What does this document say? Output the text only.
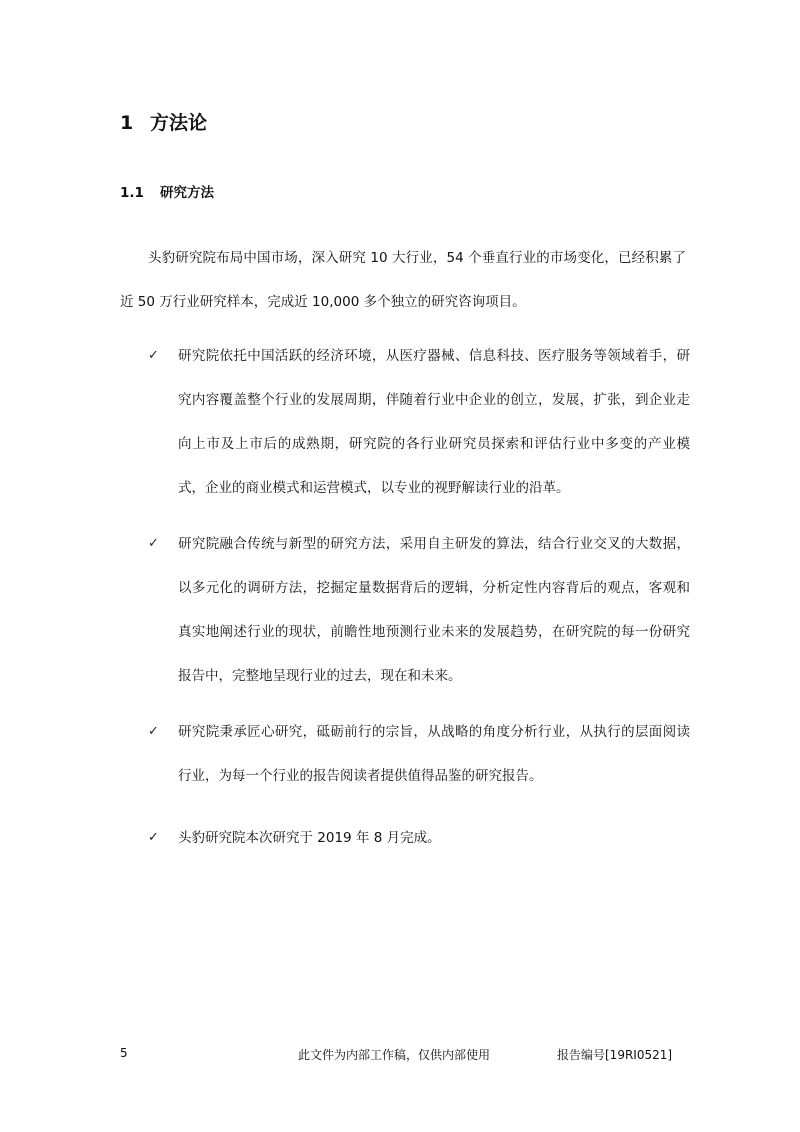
1 方法论
1.1 研究方法

头豹研究院布局中国市场，深入研究 10 大行业，54 个垂直行业的市场变化，已经积累了近 50 万行业研究样本，完成近 10,000 多个独立的研究咨询项目。

✓ 研究院依托中国活跃的经济环境，从医疗器械、信息科技、医疗服务等领域着手，研究内容覆盖整个行业的发展周期，伴随着行业中企业的创立，发展，扩张，到企业走向上市及上市后的成熟期，研究院的各行业研究员探索和评估行业中多变的产业模式，企业的商业模式和运营模式，以专业的视野解读行业的沿革。

✓ 研究院融合传统与新型的研究方法，采用自主研发的算法，结合行业交叉的大数据，以多元化的调研方法，挖掘定量数据背后的逻辑，分析定性内容背后的观点，客观和真实地阐述行业的现状，前瞻性地预测行业未来的发展趋势，在研究院的每一份研究报告中，完整地呈现行业的过去，现在和未来。

✓ 研究院秉承匠心研究，砥砺前行的宗旨，从战略的角度分析行业，从执行的层面阅读行业，为每一个行业的报告阅读者提供值得品鉴的研究报告。

✓ 头豹研究院本次研究于 2019 年 8 月完成。

5	此文件为内部工作稿，仅供内部使用	报告编号[19RI0521]
